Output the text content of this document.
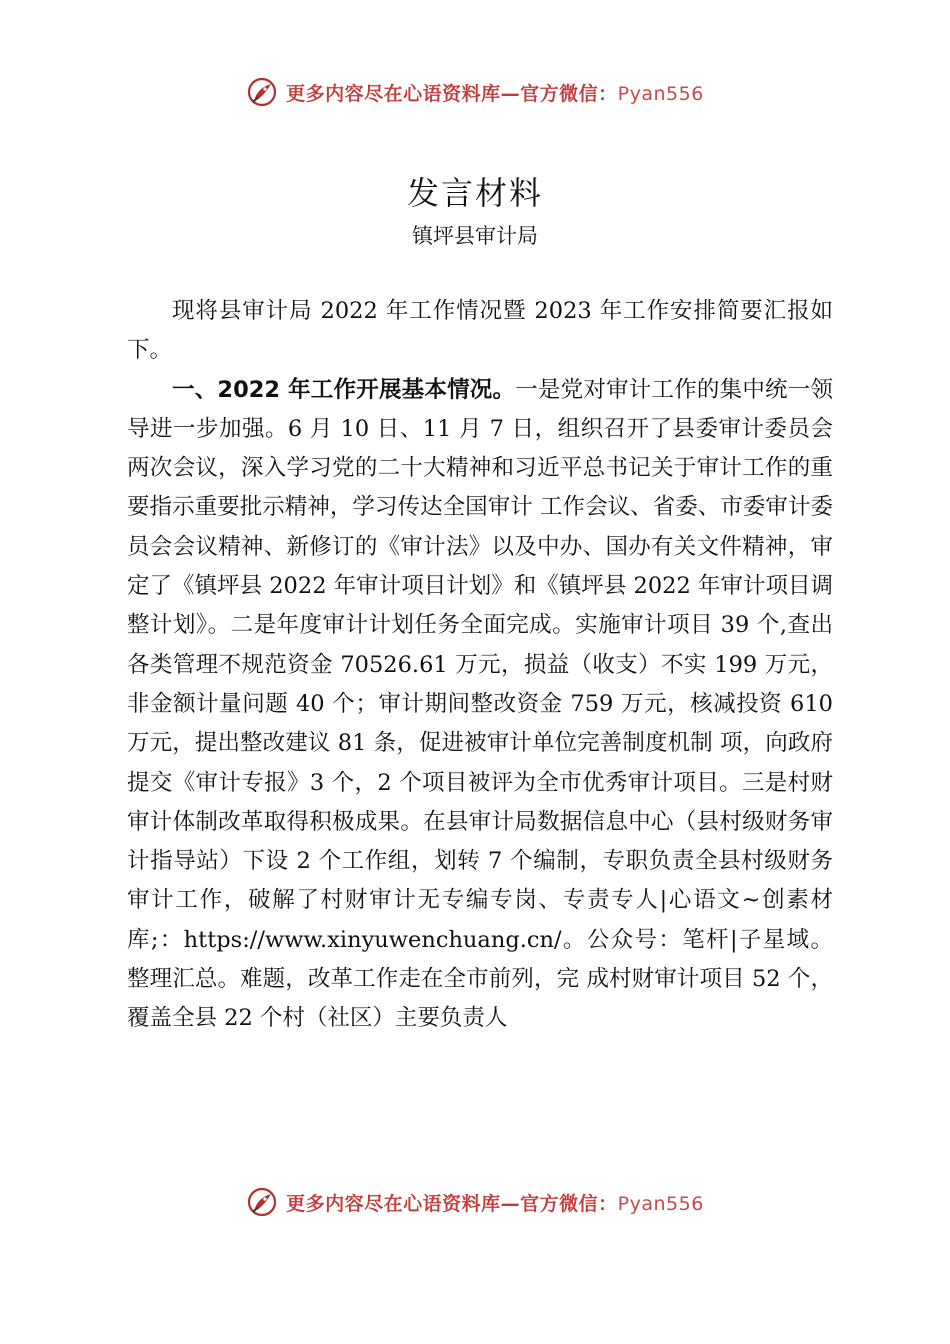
更多内容尽在心语资料库—官方微信：Pyan556
发言材料
镇坪县审计局

现将县审计局 2022 年工作情况暨 2023 年工作安排简要汇报如下。

一、2022 年工作开展基本情况。一是党对审计工作的集中统一领导进一步加强。6 月 10 日、11 月 7 日，组织召开了县委审计委员会两次会议，深入学习党的二十大精神和习近平总书记关于审计工作的重要指示重要批示精神，学习传达全国审计 工作会议、省委、市委审计委员会会议精神、新修订的《审计法》以及中办、国办有关文件精神，审定了《镇坪县 2022 年审计项目计划》和《镇坪县 2022 年审计项目调整计划》。二是年度审计计划任务全面完成。实施审计项目 39 个,查出各类管理不规范资金 70526.61 万元，损益（收支）不实 199 万元，非金额计量问题 40 个；审计期间整改资金 759 万元，核减投资 610 万元，提出整改建议 81 条，促进被审计单位完善制度机制 项，向政府提交《审计专报》3 个，2 个项目被评为全市优秀审计项目。三是村财审计体制改革取得积极成果。在县审计局数据信息中心（县村级财务审计指导站）下设 2 个工作组，划转 7 个编制，专职负责全县村级财务审计工作，破解了村财审计无专编专岗、专责专人|心语文~创素材库;：https://www.xinyuwenchuang.cn/。公众号：笔杆|子星域。整理汇总。难题，改革工作走在全市前列，完 成村财审计项目 52 个，覆盖全县 22 个村（社区）主要负责人

更多内容尽在心语资料库—官方微信：Pyan556
